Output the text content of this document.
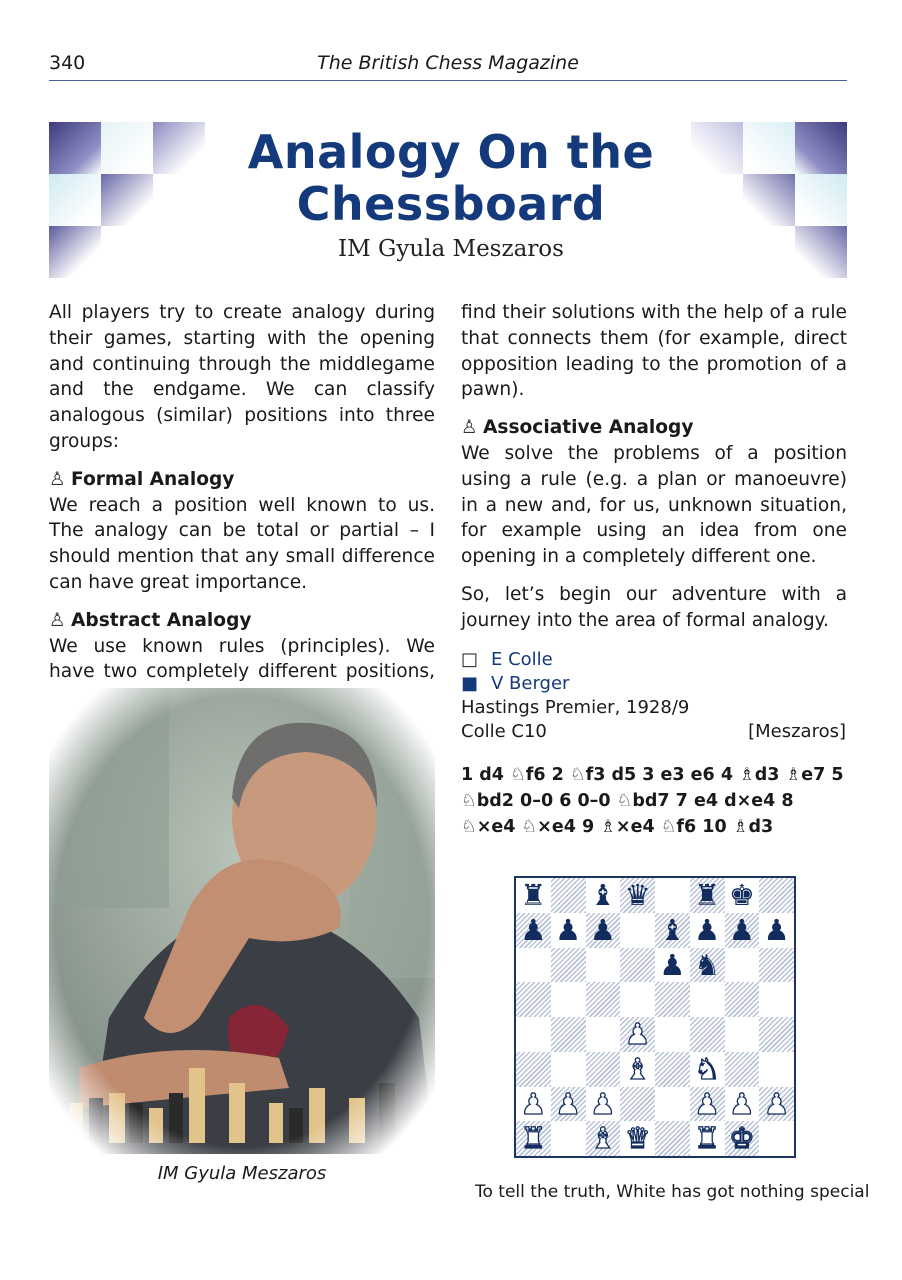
340	The British Chess Magazine
Analogy On the
Chessboard
IM Gyula Meszaros

All players try to create analogy during their games, starting with the opening and continuing through the middlegame and the endgame. We can classify analogous (similar) positions into three groups:

♙ Formal Analogy

We reach a position well known to us. The analogy can be total or partial – I should mention that any small difference can have great importance.

♙ Abstract Analogy

We use known rules (principles). We have two completely different positions,

find their solutions with the help of a rule that connects them (for example, direct opposition leading to the promotion of a pawn).

♙ Associative Analogy

We solve the problems of a position using a rule (e.g. a plan or manoeuvre) in a new and, for us, unknown situation, for example using an idea from one opening in a completely different one.

So, let’s begin our adventure with a journey into the area of formal analogy.

IM Gyula Meszaros
□ E Colle
■ V Berger
Hastings Premier, 1928/9
Colle C10	[Meszaros]
1 d4 ♘f6 2 ♘f3 d5 3 e3 e6 4 ♗d3 ♗e7 5 ♘bd2 0–0 6 0–0 ♘bd7 7 e4 d×e4 8 ♘×e4 ♘×e4 9 ♗×e4 ♘f6 10 ♗d3
♜ ♝ ♛ ♜ ♚
♟ ♟ ♟ ♝ ♟ ♟ ♟
♟ ♞
♟
♝ ♞
♟ ♟ ♟	♟ ♟ ♟
♜ ♝ ♛ ♜ ♚
To tell the truth, White has got nothing special
